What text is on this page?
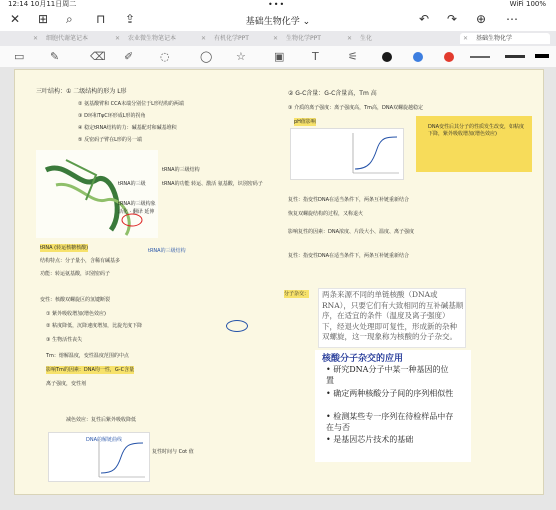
12:14 10月11日周二	•••	WiFi 100%
✕ ⊞ ⌕ ⊓ ⇪	↶ ↷ ⊕ ⋯
基础生物化学 ⌄
✕ 细胞代谢笔记本	✕ 农业微生物笔记本	✕ 有机化学PPT	✕ 生物化学PPT	✕ 生化	✕ 基础生物化学
▭ ✎	⌫ ✐ ◌	◯ ☆	▣	T	⚟
三叶结构：① 二级结构的形为 L形
② 氨基酸臂和 CCA末端分别位于L形结构的两端
③ D环和TψC环形成L形的拐角
④ 稳定tRNA结构的力：碱基配对和碱基堆积
⑤ 反密码子臂在L形的另一端
tRNA的三级
tRNA的三级构象活化 · 翻译 延伸
tRNA的三级结构
tRNA的功能 转运、激活 氨基酸，识别密码子
tRNA (转运核糖核酸)
结构特点：分子量小，含稀有碱基多
功能：转运氨基酸，识别密码子
tRNA的三级结构
变性：核酸双螺旋区的氢键断裂
① 紫外吸收增加(增色效应)
② 粘度降低，沉降速度增加，比旋光度下降
③ 生物活性丧失
Tm：熔解温度，变性温度范围的中点
影响Tm的因素：DNA均一性，G-C含量
离子强度，变性剂
减色效应：复性后紫外吸收降低
DNA的解链曲线
复性时间与 Cot 值
② G-C含量：G-C含量高，Tm 高
③ 介质的离子强度：离子强度高，Tm高，DNA双螺旋越稳定
pH值影响
DNA变性后其分子的性质发生改变，如粘度下降，紫外吸收增加(增色效应)
复性：指变性DNA在适当条件下，两条互补链重新结合
恢复双螺旋结构的过程，又称退火
影响复性的因素：DNA浓度、片段大小、温度、离子强度
复性：指变性DNA在适当条件下，两条互补链重新结合
分子杂交： 两条来源不同的单链核酸（DNA或RNA），只要它们有大致相同的互补碱基顺序，在适宜的条件（温度及离子强度）下，经退火处理即可复性，形成新的杂种双螺旋，这一现象称为核酸的分子杂交。
核酸分子杂交的应用
• 研究DNA分子中某一种基因的位置
• 确定两种核酸分子间的序列相似性
• 检测某些专一序列在待检样品中存在与否
• 是基因芯片技术的基础
